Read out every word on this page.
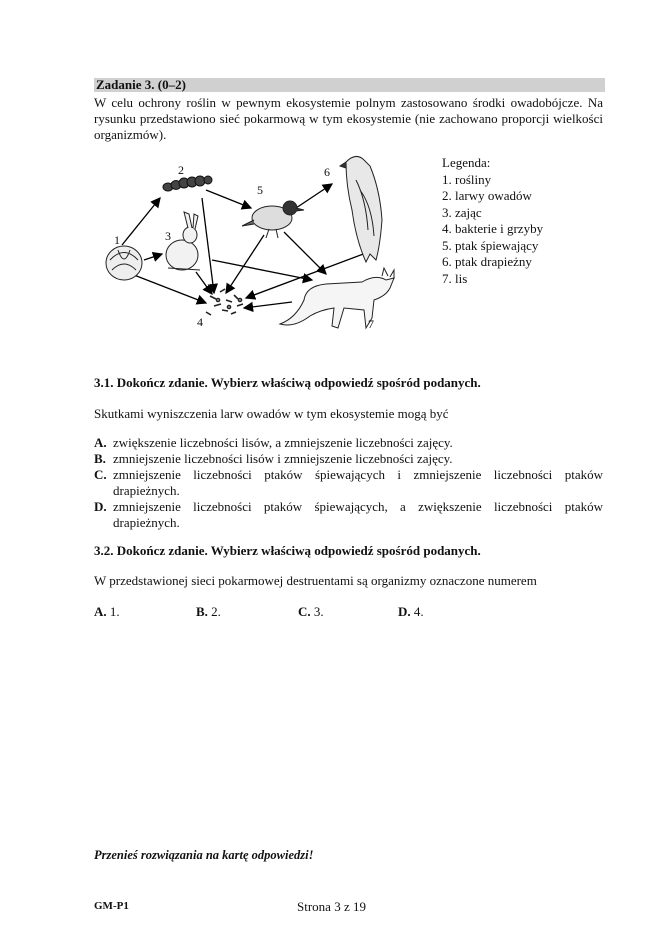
Zadanie 3. (0–2)
W celu ochrony roślin w pewnym ekosystemie polnym zastosowano środki owadobójcze. Na rysunku przedstawiono sieć pokarmową w tym ekosystemie (nie zachowano proporcji wielkości organizmów).
1
2
3
4
5
6
7
Legenda:
1. rośliny
2. larwy owadów
3. zając
4. bakterie i grzyby
5. ptak śpiewający
6. ptak drapieżny
7. lis
3.1. Dokończ zdanie. Wybierz właściwą odpowiedź spośród podanych.
Skutkami wyniszczenia larw owadów w tym ekosystemie mogą być
A. zwiększenie liczebności lisów, a zmniejszenie liczebności zajęcy.
B. zmniejszenie liczebności lisów i zmniejszenie liczebności zajęcy.
C. zmniejszenie liczebności ptaków śpiewających i zmniejszenie liczebności ptaków drapieżnych.
D. zmniejszenie liczebności ptaków śpiewających, a zwiększenie liczebności ptaków drapieżnych.
3.2. Dokończ zdanie. Wybierz właściwą odpowiedź spośród podanych.
W przedstawionej sieci pokarmowej destruentami są organizmy oznaczone numerem
A. 1.	B. 2.	C. 3.	D. 4.
Przenieś rozwiązania na kartę odpowiedzi!
GM-P1	Strona 3 z 19
